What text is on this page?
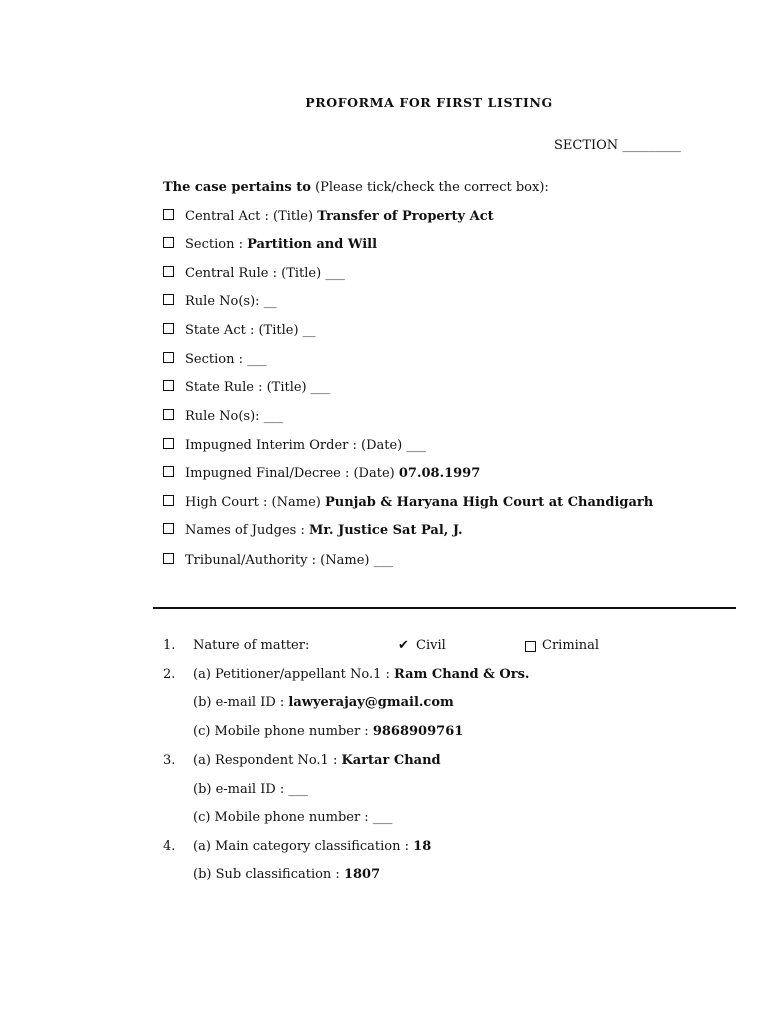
PROFORMA FOR FIRST LISTING
SECTION _________
The case pertains to (Please tick/check the correct box):
Central Act : (Title) Transfer of Property Act
Section : Partition and Will
Central Rule : (Title) ___
Rule No(s): __
State Act : (Title) __
Section : ___
State Rule : (Title) ___
Rule No(s): ___
Impugned Interim Order : (Date) ___
Impugned Final/Decree : (Date) 07.08.1997
High Court : (Name) Punjab & Haryana High Court at Chandigarh
Names of Judges : Mr. Justice Sat Pal, J.
Tribunal/Authority : (Name) ___
1. Nature of matter:	✔ Civil	Criminal
2. (a) Petitioner/appellant No.1 : Ram Chand & Ors.
(b) e-mail ID : lawyerajay@gmail.com
(c) Mobile phone number : 9868909761
3. (a) Respondent No.1 : Kartar Chand
(b) e-mail ID : ___
(c) Mobile phone number : ___
4. (a) Main category classification : 18
(b) Sub classification : 1807
